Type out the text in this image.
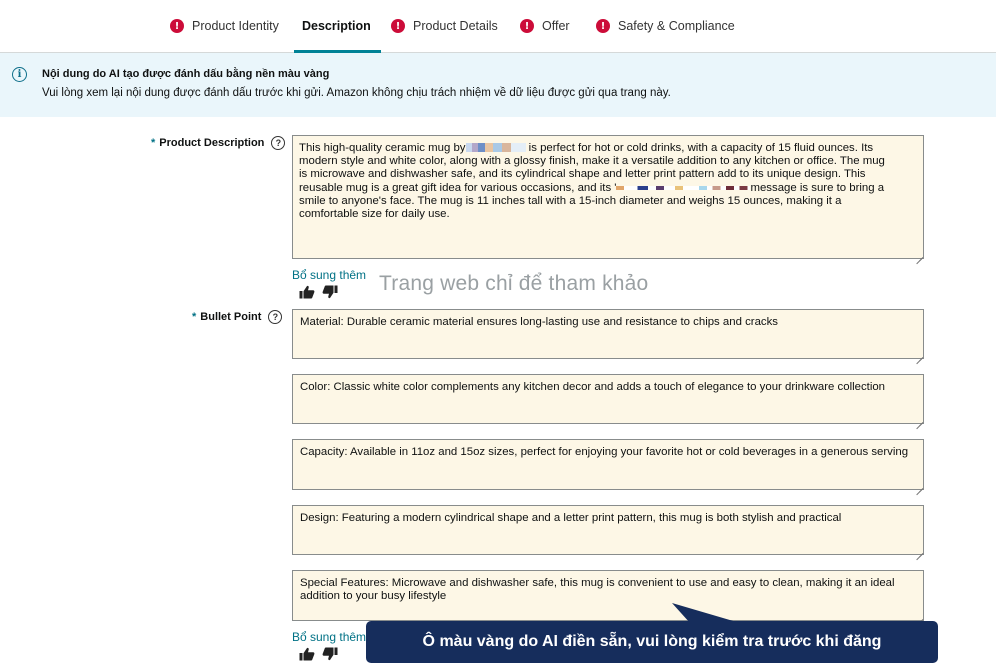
!	Product Identity Description	!	Product Details	!	Offer	!	Safety & Compliance
i	Nội dung do AI tạo được đánh dấu bằng nền màu vàng
Vui lòng xem lại nội dung được đánh dấu trước khi gửi. Amazon không chịu trách nhiệm về dữ liệu được gửi qua trang này.
* Product Description	?	This high-quality ceramic mug by	is perfect for hot or cold drinks, with a capacity of 15 fluid ounces. Its
modern style and white color, along with a glossy finish, make it a versatile addition to any kitchen or office. The mug
is microwave and dishwasher safe, and its cylindrical shape and letter print pattern add to its unique design. This
reusable mug is a great gift idea for various occasions, and its '	message is sure to bring a
smile to anyone's face. The mug is 11 inches tall with a 15-inch diameter and weighs 15 ounces, making it a
comfortable size for daily use.
Bổ sung thêm Trang web chỉ để tham khảo
* Bullet Point	?	Material: Durable ceramic material ensures long-lasting use and resistance to chips and cracks
Color: Classic white color complements any kitchen decor and adds a touch of elegance to your drinkware collection
Capacity: Available in 11oz and 15oz sizes, perfect for enjoying your favorite hot or cold beverages in a generous serving
Design: Featuring a modern cylindrical shape and a letter print pattern, this mug is both stylish and practical
Special Features: Microwave and dishwasher safe, this mug is convenient to use and easy to clean, making it an ideal addition to your busy lifestyle
Bổ sung thêm	Ô màu vàng do AI điền sẵn, vui lòng kiểm tra trước khi đăng
